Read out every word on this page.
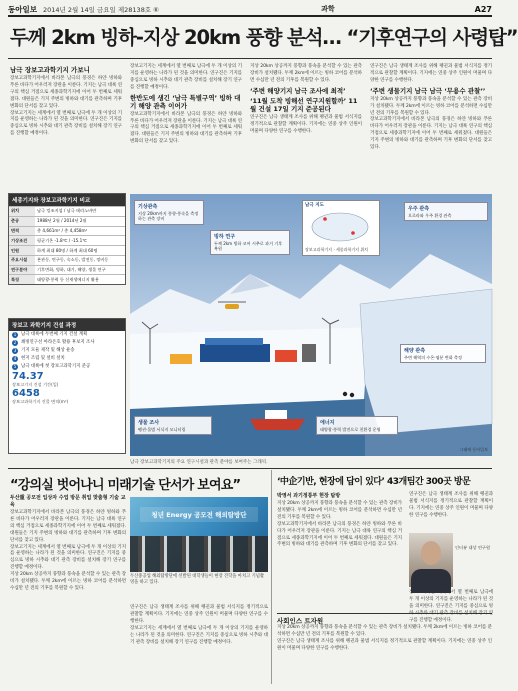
동아일보 2014년 2월 14일 금요일 제28138호 ⑥	과학	A27
두께 2km 빙하-지상 20km 풍향 분석… “기후연구의 사령탑”
남극 장보고과학기지 가보니

장보고과학기지에서 바라본 남극의 풍경은 하얀 빙하와 푸른 바다가 어우러져 장관을 이룬다. 기지는 남극 대륙 연구의 핵심 거점으로 세종과학기지에 이어 두 번째로 세워졌다. 대원들은 기지 주변의 빙하와 대기를 관측하며 기후 변화의 단서를 찾고 있다.

장보고기지는 세계에서 열 번째로 남극에 두 개 이상의 기지를 운영하는 나라가 된 것을 의미한다. 연구진은 기지를 중심으로 빙하 시추와 대기 관측 장비를 설치해 장기 연구를 진행할 예정이다.

장보고기지는 세계에서 열 번째로 남극에 두 개 이상의 기지를 운영하는 나라가 된 것을 의미한다. 연구진은 기지를 중심으로 빙하 시추와 대기 관측 장비를 설치해 장기 연구를 진행할 예정이다.

한반도에 생긴 ‘남극 특별구역’ 빙하 대기 해양 관측 이어가

장보고과학기지에서 바라본 남극의 풍경은 하얀 빙하와 푸른 바다가 어우러져 장관을 이룬다. 기지는 남극 대륙 연구의 핵심 거점으로 세종과학기지에 이어 두 번째로 세워졌다. 대원들은 기지 주변의 빙하와 대기를 관측하며 기후 변화의 단서를 찾고 있다.

지상 20km 상공까지 풍향과 풍속을 분석할 수 있는 관측 장비가 설치됐다. 두께 2km에 이르는 빙하 코어를 분석하면 수십만 년 전의 기후를 복원할 수 있다.

‘주변 해양기지 남극 조사에 최적’
‘11월 도착 빙해선 연구지원할까’ 11월 건설 17일 기지 준공된다

연구진은 남극 생태계 조사를 위해 펭귄과 물범 서식지를 정기적으로 관찰할 계획이다. 기지에는 연중 상주 인원이 머물며 다양한 연구를 수행한다.

연구진은 남극 생태계 조사를 위해 펭귄과 물범 서식지를 정기적으로 관찰할 계획이다. 기지에는 연중 상주 인원이 머물며 다양한 연구를 수행한다.

‘주변 생물기지 남극 남극 ‘무용수 관찰’’

지상 20km 상공까지 풍향과 풍속을 분석할 수 있는 관측 장비가 설치됐다. 두께 2km에 이르는 빙하 코어를 분석하면 수십만 년 전의 기후를 복원할 수 있다.

장보고과학기지에서 바라본 남극의 풍경은 하얀 빙하와 푸른 바다가 어우러져 장관을 이룬다. 기지는 남극 대륙 연구의 핵심 거점으로 세종과학기지에 이어 두 번째로 세워졌다. 대원들은 기지 주변의 빙하와 대기를 관측하며 기후 변화의 단서를 찾고 있다.

세종기지와 장보고과학기지 비교
위치	남극 킹조지섬 / 남극 테라노바만
준공	1988년 2월 / 2014년 2월
면적	총 4,661m² / 총 4,458m²
기상조건	평균기온 -1.8℃ / -15.1℃
인원	하계 최대 80명 / 하계 최대 60명
주요시설	본관동, 연구동, 숙소동, 발전동, 정비동
연구분야	기후변화, 빙하, 대기, 해양, 생물 연구
특징	태양광·풍력 등 신재생에너지 활용
장보고 과학기지 건설 과정
1	남극 대륙에 두번째 기지 건설 계획
2	쇄빙연구선 아라온호 활용 후보지 조사
3	기지 모듈 제작 및 해상 운송
4	현지 조립 및 설비 설치
5	남극 대륙에 첫 장보고과학기지 준공
74.37
장보고기지 건설 기간(일)
6458
장보고과학기지 건물 면적(m²)
남극 지도
장보고과학기지 · 세종과학기지 위치
기상관측
지상 20km까지 풍향·풍속을 측정하는 관측 장비
빙하 연구
두께 2km 빙하 코어 시추로 과거 기후 복원
우주 관측
오로라와 우주 환경 관측
해양 관측
주변 해역의 수온·염분 변화 측정
생물 조사
펭귄·물범 서식지 모니터링
에너지
태양광·풍력 발전으로 친환경 운영
그래픽 동아일보
남극 장보고과학기지의 주요 연구시설과 관측 분야를 보여주는 그래픽.
“강의실 벗어나니 미래기술 단서가 보여요”	‘中企기반, 현장에 답이 있다’ 43개팀간 300곳 방문
두산重 공모전 입상자 수업 방문 취업 맞춤형 기술 교육

장보고과학기지에서 바라본 남극의 풍경은 하얀 빙하와 푸른 바다가 어우러져 장관을 이룬다. 기지는 남극 대륙 연구의 핵심 거점으로 세종과학기지에 이어 두 번째로 세워졌다. 대원들은 기지 주변의 빙하와 대기를 관측하며 기후 변화의 단서를 찾고 있다.

장보고기지는 세계에서 열 번째로 남극에 두 개 이상의 기지를 운영하는 나라가 된 것을 의미한다. 연구진은 기지를 중심으로 빙하 시추와 대기 관측 장비를 설치해 장기 연구를 진행할 예정이다.

지상 20km 상공까지 풍향과 풍속을 분석할 수 있는 관측 장비가 설치됐다. 두께 2km에 이르는 빙하 코어를 분석하면 수십만 년 전의 기후를 복원할 수 있다.

청년 Energy 공모전 해외탐방단
두산중공업 해외탐방단에 선발된 대학생들이 현장 견학을 마치고 기념촬영을 하고 있다.

연구진은 남극 생태계 조사를 위해 펭귄과 물범 서식지를 정기적으로 관찰할 계획이다. 기지에는 연중 상주 인원이 머물며 다양한 연구를 수행한다.

장보고기지는 세계에서 열 번째로 남극에 두 개 이상의 기지를 운영하는 나라가 된 것을 의미한다. 연구진은 기지를 중심으로 빙하 시추와 대기 관측 장비를 설치해 장기 연구를 진행할 예정이다.

박영서 과기정통부 현장 탐방

지상 20km 상공까지 풍향과 풍속을 분석할 수 있는 관측 장비가 설치됐다. 두께 2km에 이르는 빙하 코어를 분석하면 수십만 년 전의 기후를 복원할 수 있다.

장보고과학기지에서 바라본 남극의 풍경은 하얀 빙하와 푸른 바다가 어우러져 장관을 이룬다. 기지는 남극 대륙 연구의 핵심 거점으로 세종과학기지에 이어 두 번째로 세워졌다. 대원들은 기지 주변의 빙하와 대기를 관측하며 기후 변화의 단서를 찾고 있다.

연구진은 남극 생태계 조사를 위해 펭귄과 물범 서식지를 정기적으로 관찰할 계획이다. 기지에는 연중 상주 인원이 머물며 다양한 연구를 수행한다.

인터뷰 대상 연구원

장보고기지는 세계에서 열 번째로 남극에 두 개 이상의 기지를 운영하는 나라가 된 것을 의미한다. 연구진은 기지를 중심으로 빙하 시추와 대기 관측 장비를 설치해 장기 연구를 진행할 예정이다.

사회인스 트자원

지상 20km 상공까지 풍향과 풍속을 분석할 수 있는 관측 장비가 설치됐다. 두께 2km에 이르는 빙하 코어를 분석하면 수십만 년 전의 기후를 복원할 수 있다.

연구진은 남극 생태계 조사를 위해 펭귄과 물범 서식지를 정기적으로 관찰할 계획이다. 기지에는 연중 상주 인원이 머물며 다양한 연구를 수행한다.
